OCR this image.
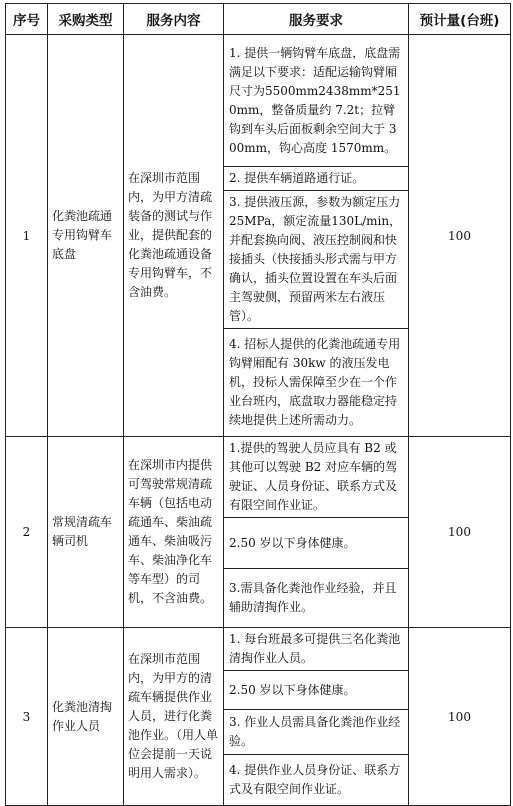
序号	采购类型	服务内容	服务要求	预计量(台班)
1	化粪池疏通专用钩臂车底盘	在深圳市范围内，为甲方清疏装备的测试与作业，提供配套的化粪池疏通设备专用钩臂车，不含油费。	1. 提供一辆钩臂车底盘，底盘需满足以下要求：适配运输钩臂厢尺寸为5500mm2438mm*2510mm，整备质量约 7.2t；拉臂钩到车头后面板剩余空间大于 300mm，钩心高度 1570mm。	100

			2. 提供车辆道路通行证。	

			3. 提供液压源，参数为额定压力 25MPa，额定流量130L/min，并配套换向阀、液压控制阀和快接插头（快接插头形式需与甲方确认，插头位置设置在车头后面主驾驶侧，预留两米左右液压管）。	

			4. 招标人提供的化粪池疏通专用钩臂厢配有 30kw 的液压发电机，投标人需保障至少在一个作业台班内，底盘取力器能稳定持续地提供上述所需动力。	

2	常规清疏车辆司机	在深圳市内提供可驾驶常规清疏车辆（包括电动疏通车、柴油疏通车、柴油吸污车、柴油净化车等车型）的司机，不含油费。	1.提供的驾驶人员应具有 B2 或其他可以驾驶 B2 对应车辆的驾驶证、人员身份证、联系方式及有限空间作业证。	100

			2.50 岁以下身体健康。	

			3.需具备化粪池作业经验，并且辅助清掏作业。	

3	化粪池清掏作业人员	在深圳市范围内，为甲方的清疏车辆提供作业人员，进行化粪池作业。（用人单位会提前一天说明用人需求）。	1. 每台班最多可提供三名化粪池清掏作业人员。	100

			2.50 岁以下身体健康。	

			3. 作业人员需具备化粪池作业经验。	

			4. 提供作业人员身份证、联系方式及有限空间作业证。	
